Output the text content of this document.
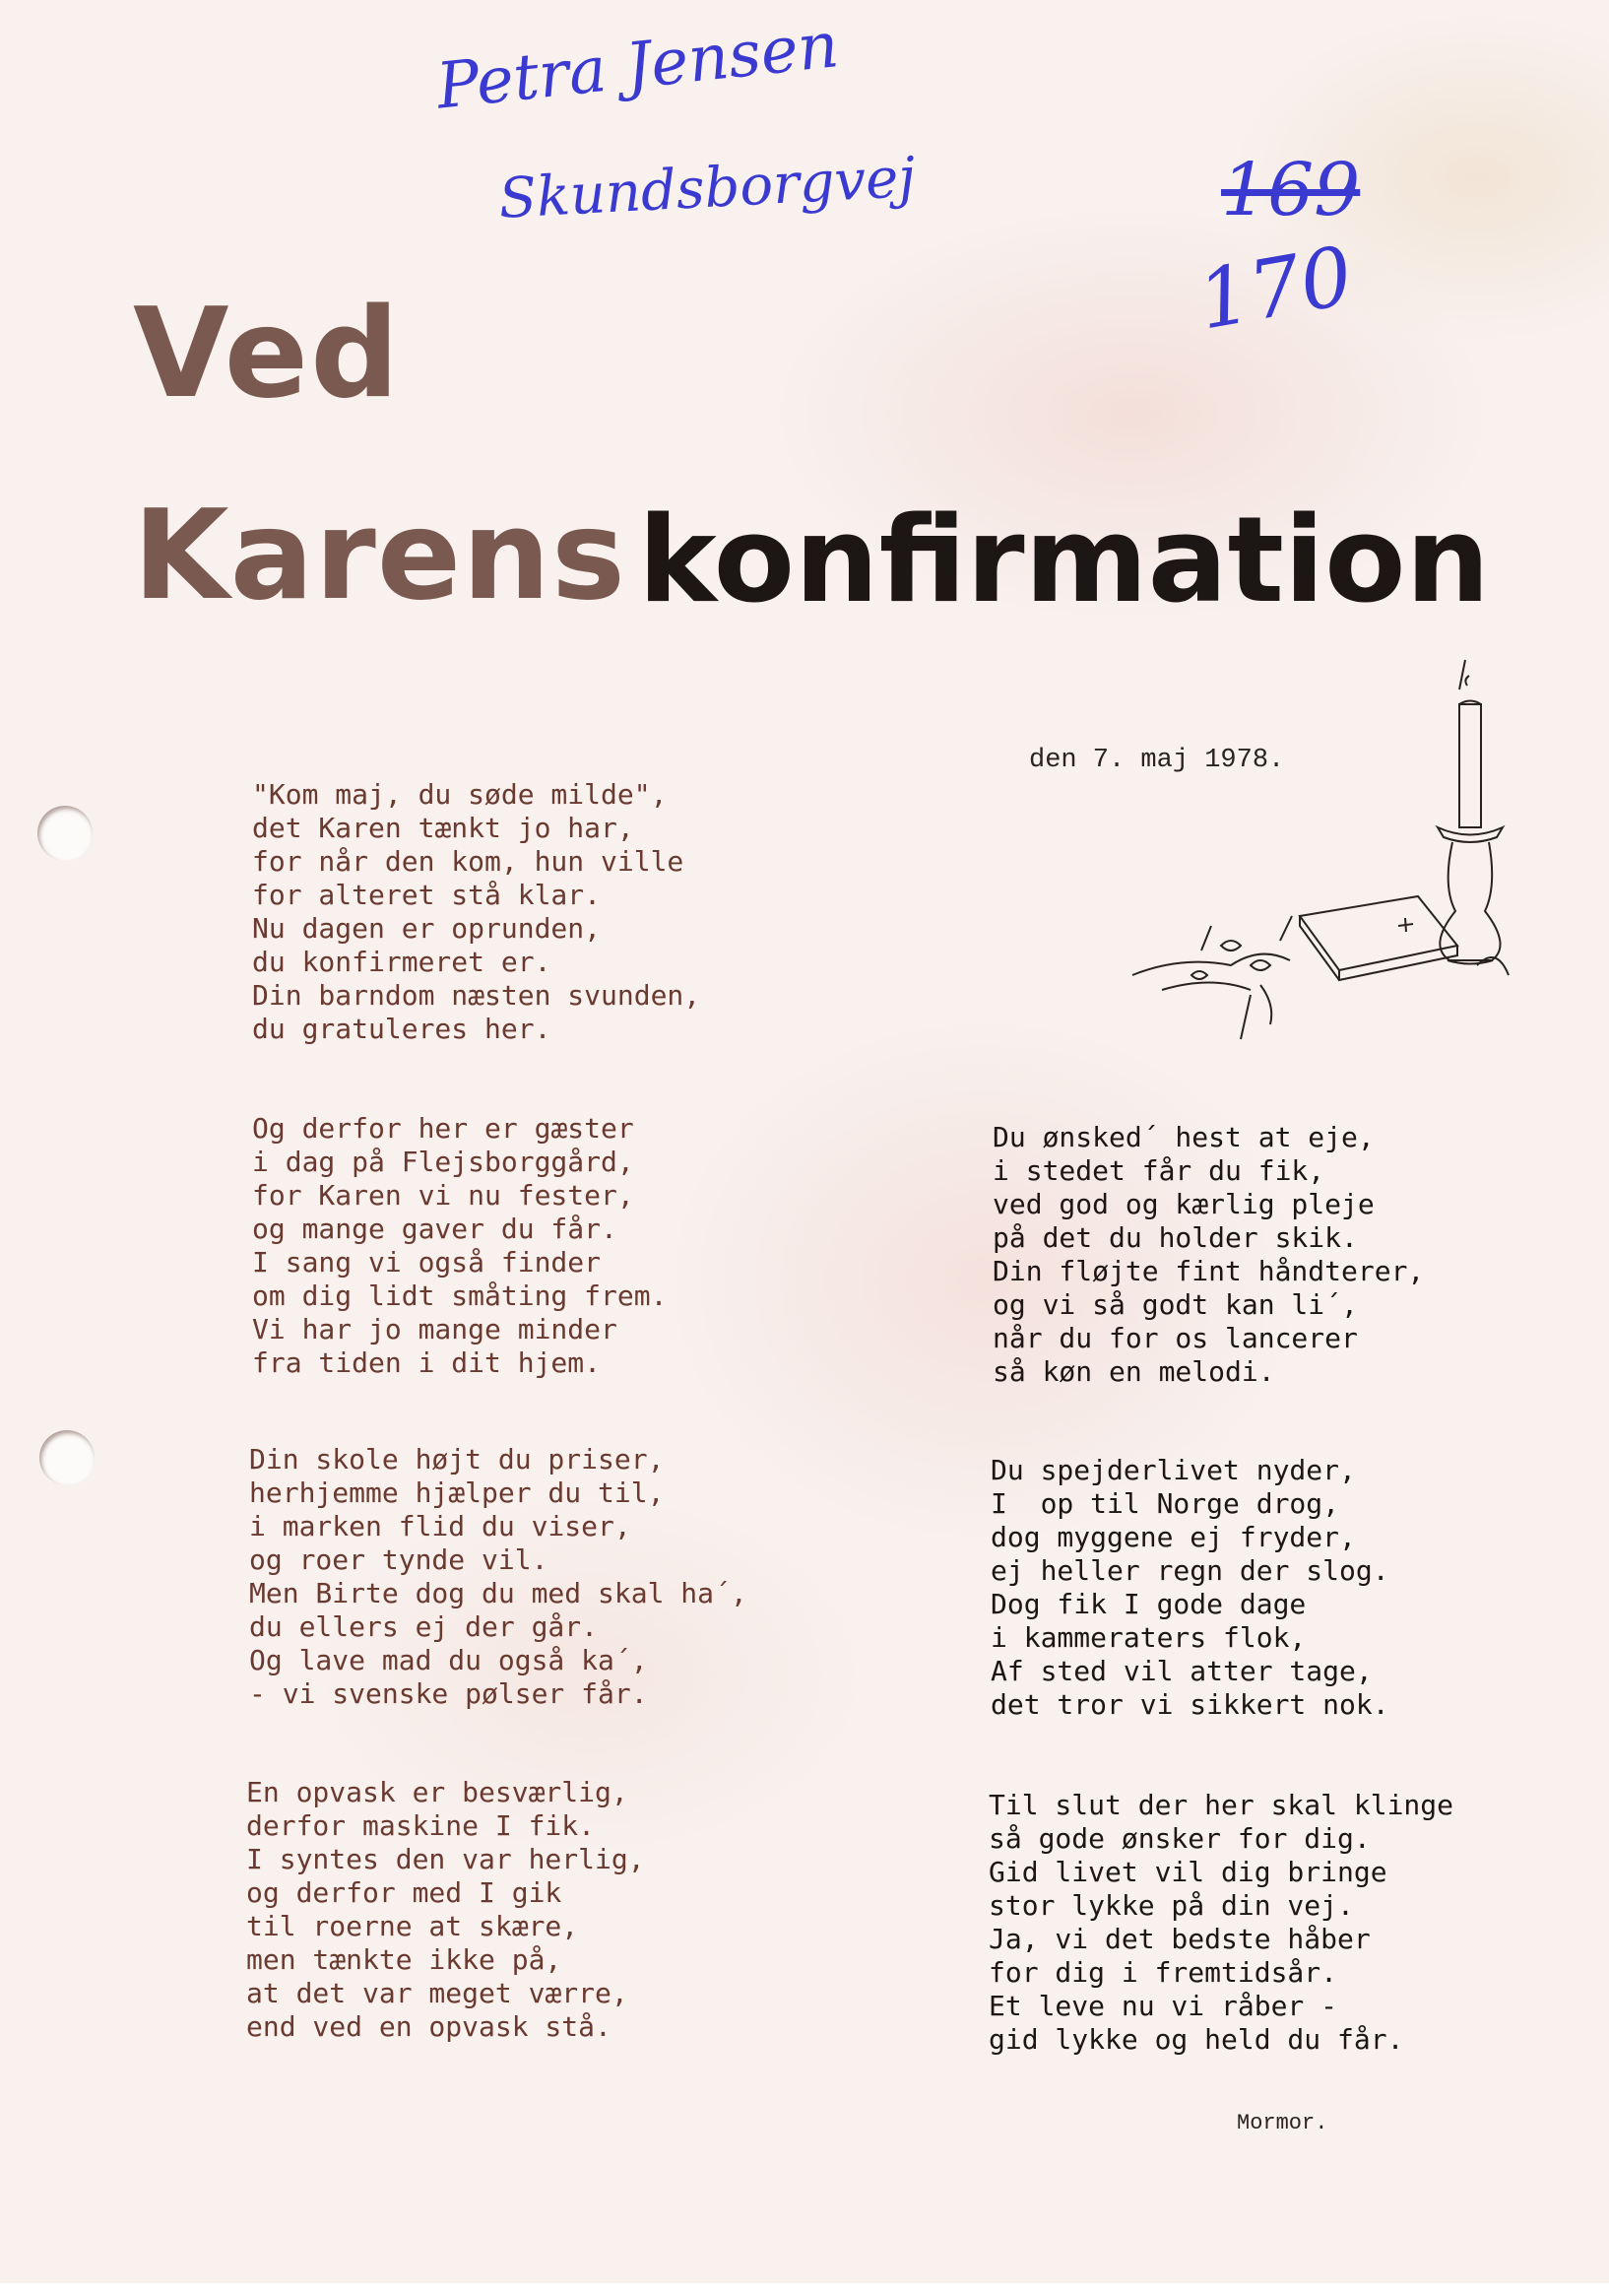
Petra Jensen
Skundsborgvej	169
170
Ved
Karens konfirmation
den 7. maj 1978.
"Kom maj, du søde milde",
det Karen tænkt jo har,
for når den kom, hun ville
for alteret stå klar.
Nu dagen er oprunden,
du konfirmeret er.
Din barndom næsten svunden,
du gratuleres her.
Og derfor her er gæster
i dag på Flejsborggård,
for Karen vi nu fester,
og mange gaver du får.
I sang vi også finder
om dig lidt småting frem.
Vi har jo mange minder
fra tiden i dit hjem.
Din skole højt du priser,
herhjemme hjælper du til,
i marken flid du viser,
og roer tynde vil.
Men Birte dog du med skal ha´,
du ellers ej der går.
Og lave mad du også ka´,
- vi svenske pølser får.
En opvask er besværlig,
derfor maskine I fik.
I syntes den var herlig,
og derfor med I gik
til roerne at skære,
men tænkte ikke på,
at det var meget værre,
end ved en opvask stå.
Du ønsked´ hest at eje,
i stedet får du fik,
ved god og kærlig pleje
på det du holder skik.
Din fløjte fint håndterer,
og vi så godt kan li´,
når du for os lancerer
så køn en melodi.
Du spejderlivet nyder,
I  op til Norge drog,
dog myggene ej fryder,
ej heller regn der slog.
Dog fik I gode dage
i kammeraters flok,
Af sted vil atter tage,
det tror vi sikkert nok.
Til slut der her skal klinge
så gode ønsker for dig.
Gid livet vil dig bringe
stor lykke på din vej.
Ja, vi det bedste håber
for dig i fremtidsår.
Et leve nu vi råber -
gid lykke og held du får.
Mormor.
